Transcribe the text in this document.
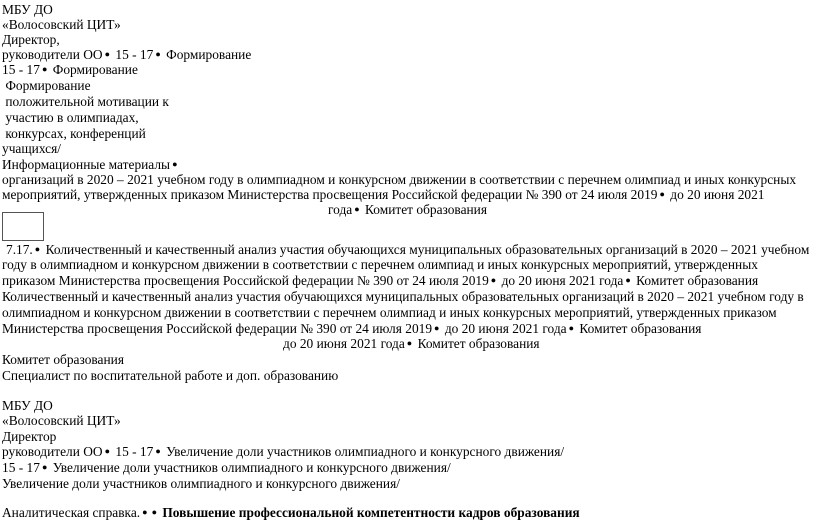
МБУ ДО
«Волосовский ЦИТ»
Директор,
руководители ОО ● 15 - 17 ● Формирование
15 - 17 ● Формирование
Формирование
положительной мотивации к
участию в олимпиадах,
конкурсах, конференций
учащихся/
Информационные материалы ●
организаций в 2020 – 2021 учебном году в олимпиадном и конкурсном движении в соответствии с перечнем олимпиад и иных конкурсных
мероприятий, утвержденных приказом Министерства просвещения Российской федерации № 390 от 24 июля 2019 ● до 20 июня 2021
года ● Комитет образования
7.17. ● Количественный и качественный анализ участия обучающихся муниципальных образовательных организаций в 2020 – 2021 учебном
году в олимпиадном и конкурсном движении в соответствии с перечнем олимпиад и иных конкурсных мероприятий, утвержденных
приказом Министерства просвещения Российской федерации № 390 от 24 июля 2019 ● до 20 июня 2021 года ● Комитет образования
Количественный и качественный анализ участия обучающихся муниципальных образовательных организаций в 2020 – 2021 учебном году в
олимпиадном и конкурсном движении в соответствии с перечнем олимпиад и иных конкурсных мероприятий, утвержденных приказом
Министерства просвещения Российской федерации № 390 от 24 июля 2019 ● до 20 июня 2021 года ● Комитет образования
до 20 июня 2021 года ● Комитет образования
Комитет образования
Специалист по воспитательной работе и доп. образованию
МБУ ДО
«Волосовский ЦИТ»
Директор
руководители ОО ● 15 - 17 ● Увеличение доли участников олимпиадного и конкурсного движения/
15 - 17 ● Увеличение доли участников олимпиадного и конкурсного движения/
Увеличение доли участников олимпиадного и конкурсного движения/
Аналитическая справка. ● ● Повышение профессиональной компетентности кадров образования
